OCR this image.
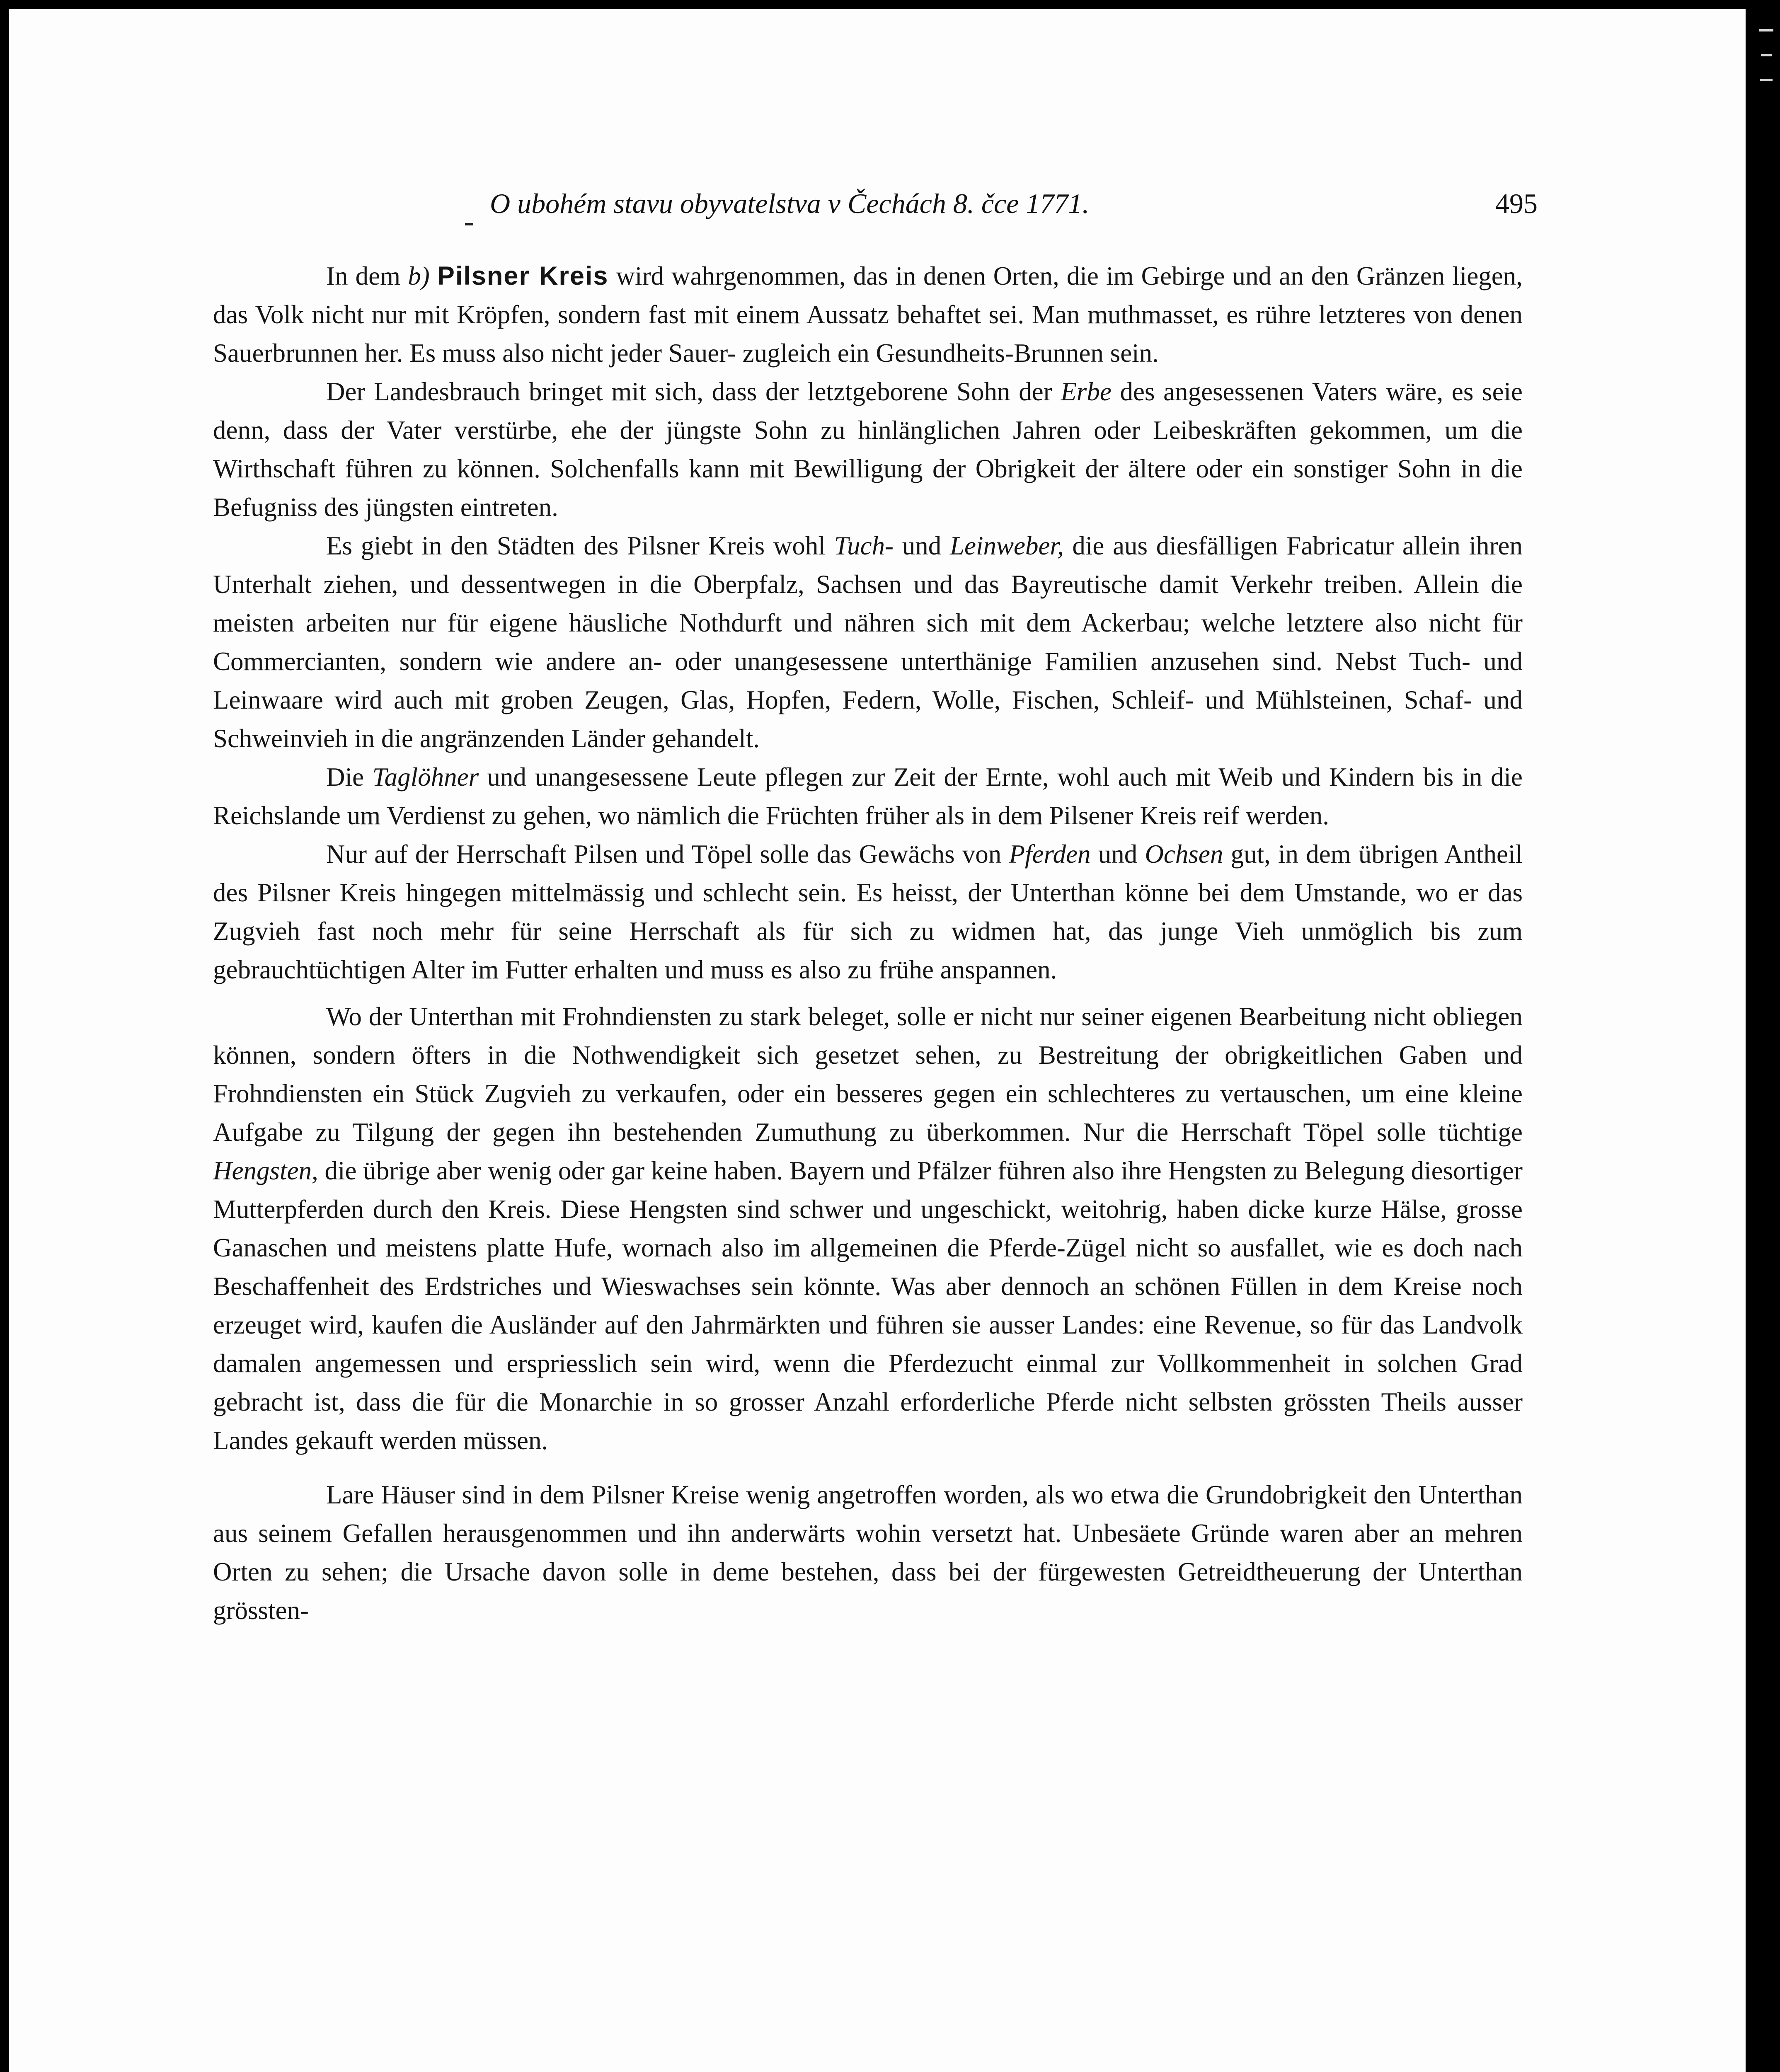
O ubohém stavu obyvatelstva v Čechách 8. čce 1771.	495

In dem b) Pilsner Kreis wird wahrgenommen, das in denen Orten, die im Gebirge und an den Gränzen liegen, das Volk nicht nur mit Kröpfen, sondern fast mit einem Aussatz behaftet sei. Man muthmasset, es rühre letzteres von denen Sauerbrunnen her. Es muss also nicht jeder Sauer- zugleich ein Gesundheits-Brunnen sein.

Der Landesbrauch bringet mit sich, dass der letztgeborene Sohn der Erbe des angesessenen Vaters wäre, es seie denn, dass der Vater verstürbe, ehe der jüngste Sohn zu hinlänglichen Jahren oder Leibeskräften gekommen, um die Wirthschaft führen zu können. Solchenfalls kann mit Bewilligung der Obrigkeit der ältere oder ein sonstiger Sohn in die Befugniss des jüngsten eintreten.

Es giebt in den Städten des Pilsner Kreis wohl Tuch- und Leinweber, die aus diesfälligen Fabricatur allein ihren Unterhalt ziehen, und dessentwegen in die Oberpfalz, Sachsen und das Bayreutische damit Verkehr treiben. Allein die meisten arbeiten nur für eigene häusliche Nothdurft und nähren sich mit dem Ackerbau; welche letztere also nicht für Commercianten, sondern wie andere an- oder unangesessene unterthänige Familien anzusehen sind. Nebst Tuch- und Leinwaare wird auch mit groben Zeugen, Glas, Hopfen, Federn, Wolle, Fischen, Schleif- und Mühlsteinen, Schaf- und Schweinvieh in die angränzenden Länder gehandelt.

Die Taglöhner und unangesessene Leute pflegen zur Zeit der Ernte, wohl auch mit Weib und Kindern bis in die Reichslande um Verdienst zu gehen, wo nämlich die Früchten früher als in dem Pilsener Kreis reif werden.

Nur auf der Herrschaft Pilsen und Töpel solle das Gewächs von Pferden und Ochsen gut, in dem übrigen Antheil des Pilsner Kreis hingegen mittelmässig und schlecht sein. Es heisst, der Unterthan könne bei dem Umstande, wo er das Zugvieh fast noch mehr für seine Herrschaft als für sich zu widmen hat, das junge Vieh unmöglich bis zum gebrauchtüchtigen Alter im Futter erhalten und muss es also zu frühe anspannen.

Wo der Unterthan mit Frohndiensten zu stark beleget, solle er nicht nur seiner eigenen Bearbeitung nicht obliegen können, sondern öfters in die Nothwendigkeit sich gesetzet sehen, zu Bestreitung der obrigkeitlichen Gaben und Frohndiensten ein Stück Zugvieh zu verkaufen, oder ein besseres gegen ein schlechteres zu vertauschen, um eine kleine Aufgabe zu Tilgung der gegen ihn bestehenden Zumuthung zu überkommen. Nur die Herrschaft Töpel solle tüchtige Hengsten, die übrige aber wenig oder gar keine haben. Bayern und Pfälzer führen also ihre Hengsten zu Belegung diesortiger Mutterpferden durch den Kreis. Diese Hengsten sind schwer und ungeschickt, weitohrig, haben dicke kurze Hälse, grosse Ganaschen und meistens platte Hufe, wornach also im allgemeinen die Pferde-Zügel nicht so ausfallet, wie es doch nach Beschaffenheit des Erdstriches und Wieswachses sein könnte. Was aber dennoch an schönen Füllen in dem Kreise noch erzeuget wird, kaufen die Ausländer auf den Jahrmärkten und führen sie ausser Landes: eine Revenue, so für das Landvolk damalen angemessen und erspriesslich sein wird, wenn die Pferdezucht einmal zur Vollkommenheit in solchen Grad gebracht ist, dass die für die Monarchie in so grosser Anzahl erforderliche Pferde nicht selbsten grössten Theils ausser Landes gekauft werden müssen.

Lare Häuser sind in dem Pilsner Kreise wenig angetroffen worden, als wo etwa die Grundobrigkeit den Unterthan aus seinem Gefallen herausgenommen und ihn anderwärts wohin versetzt hat. Unbesäete Gründe waren aber an mehren Orten zu sehen; die Ursache davon solle in deme bestehen, dass bei der fürgewesten Getreidtheuerung der Unterthan grössten-
